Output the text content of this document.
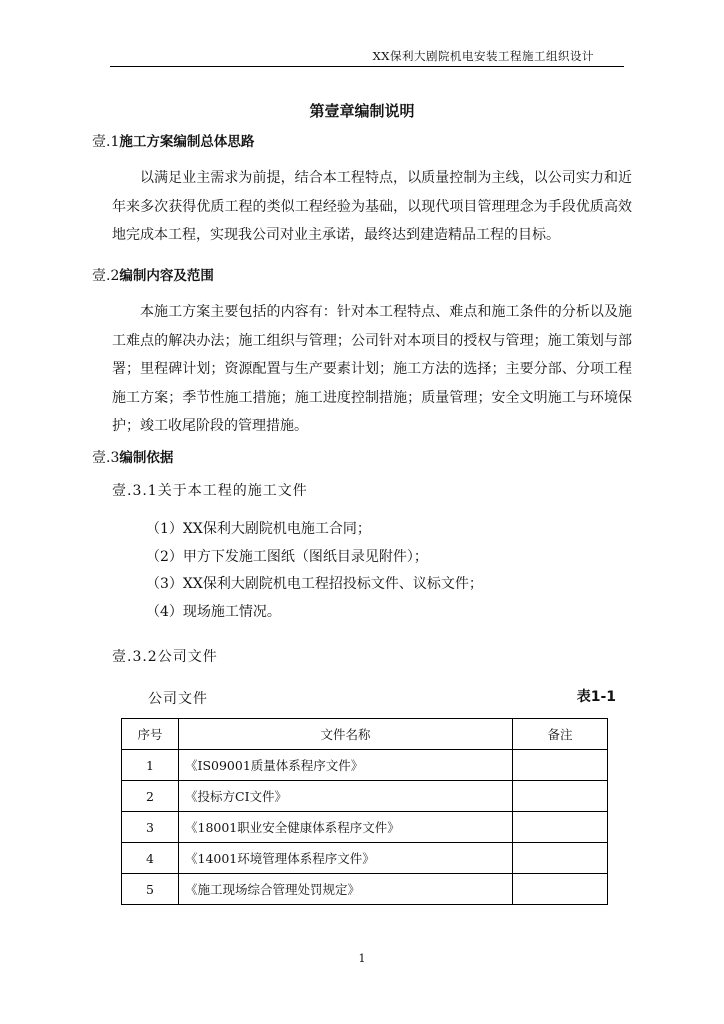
XX保利大剧院机电安装工程施工组织设计
第壹章编制说明
壹.1施工方案编制总体思路

以满足业主需求为前提，结合本工程特点，以质量控制为主线，以公司实力和近年来多次获得优质工程的类似工程经验为基础，以现代项目管理理念为手段优质高效地完成本工程，实现我公司对业主承诺，最终达到建造精品工程的目标。

壹.2编制内容及范围

本施工方案主要包括的内容有：针对本工程特点、难点和施工条件的分析以及施工难点的解决办法；施工组织与管理；公司针对本项目的授权与管理；施工策划与部署；里程碑计划；资源配置与生产要素计划；施工方法的选择；主要分部、分项工程施工方案；季节性施工措施；施工进度控制措施；质量管理；安全文明施工与环境保护；竣工收尾阶段的管理措施。

壹.3编制依据
壹.3.1关于本工程的施工文件
（1）XX保利大剧院机电施工合同；
（2）甲方下发施工图纸（图纸目录见附件）；
（3）XX保利大剧院机电工程招投标文件、议标文件；
（4）现场施工情况。
壹.3.2公司文件
公司文件	表1-1
序号	文件名称	备注
1	《IS09001质量体系程序文件》	
2	《投标方CI文件》	
3	《18001职业安全健康体系程序文件》	
4	《14001环境管理体系程序文件》	
5	《施工现场综合管理处罚规定》	
1
